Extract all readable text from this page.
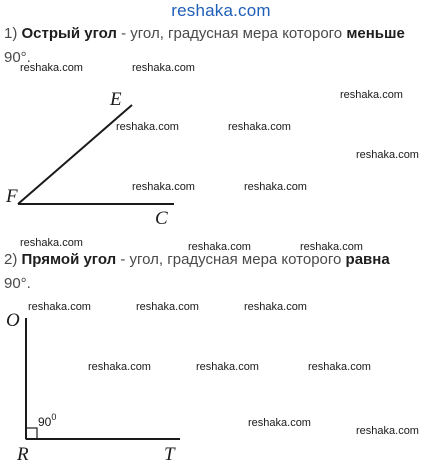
reshaka.com
1) Острый угол - угол, градусная мера которого меньше
90°.
2) Прямой угол - угол, градусная мера которого равна
90°.
E
F
C
O
R	T
$90^0$
reshaka.com	reshaka.com
reshaka.com
reshaka.com	reshaka.com
reshaka.com
reshaka.com	reshaka.com
reshaka.com	reshaka.com	reshaka.com
reshaka.com	reshaka.com	reshaka.com
reshaka.com	reshaka.com	reshaka.com
reshaka.com
reshaka.com
